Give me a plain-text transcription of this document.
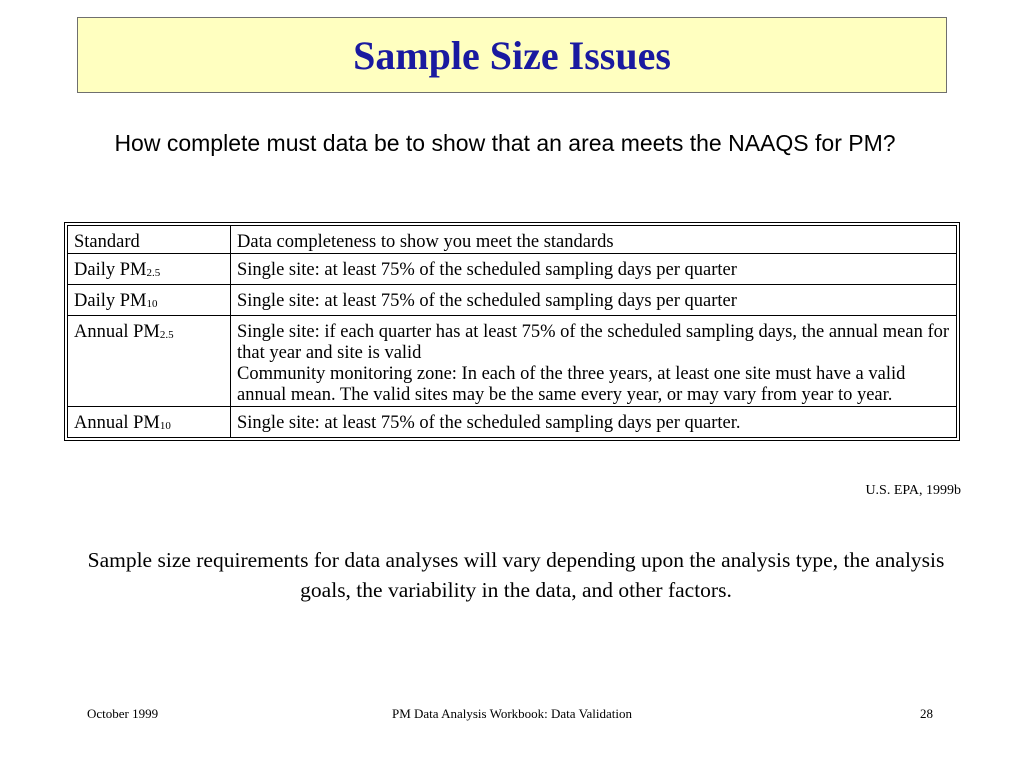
Sample Size Issues
How complete must data be to show that an area meets the NAAQS for PM?
Standard	Data completeness to show you meet the standards
Daily PM2.5	Single site: at least 75% of the scheduled sampling days per quarter
Daily PM10	Single site: at least 75% of the scheduled sampling days per quarter
Annual PM2.5	Single site: if each quarter has at least 75% of the scheduled sampling days, the annual mean for that year and site is valid
Community monitoring zone: In each of the three years, at least one site must have a valid annual mean. The valid sites may be the same every year, or may vary from year to year.

Annual PM10	Single site: at least 75% of the scheduled sampling days per quarter.
U.S. EPA, 1999b
Sample size requirements for data analyses will vary depending upon the analysis type, the analysis goals, the variability in the data, and other factors.
October 1999	PM Data Analysis Workbook: Data Validation	28
